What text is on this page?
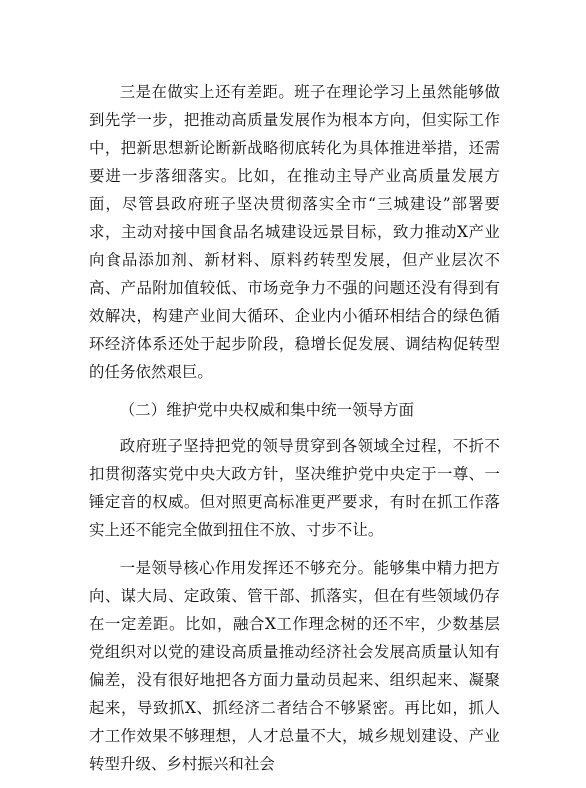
三是在做实上还有差距。班子在理论学习上虽然能够做到先学一步，把推动高质量发展作为根本方向，但实际工作中，把新思想新论断新战略彻底转化为具体推进举措，还需要进一步落细落实。比如，在推动主导产业高质量发展方面，尽管县政府班子坚决贯彻落实全市“三城建设”部署要求，主动对接中国食品名城建设远景目标，致力推动X产业向食品添加剂、新材料、原料药转型发展，但产业层次不高、产品附加值较低、市场竞争力不强的问题还没有得到有效解决，构建产业间大循环、企业内小循环相结合的绿色循环经济体系还处于起步阶段，稳增长促发展、调结构促转型的任务依然艰巨。

（二）维护党中央权威和集中统一领导方面

政府班子坚持把党的领导贯穿到各领域全过程，不折不扣贯彻落实党中央大政方针，坚决维护党中央定于一尊、一锤定音的权威。但对照更高标准更严要求，有时在抓工作落实上还不能完全做到扭住不放、寸步不让。

一是领导核心作用发挥还不够充分。能够集中精力把方向、谋大局、定政策、管干部、抓落实，但在有些领域仍存在一定差距。比如，融合X工作理念树的还不牢，少数基层党组织对以党的建设高质量推动经济社会发展高质量认知有偏差，没有很好地把各方面力量动员起来、组织起来、凝聚起来，导致抓X、抓经济二者结合不够紧密。再比如，抓人才工作效果不够理想，人才总量不大，城乡规划建设、产业转型升级、乡村振兴和社会
